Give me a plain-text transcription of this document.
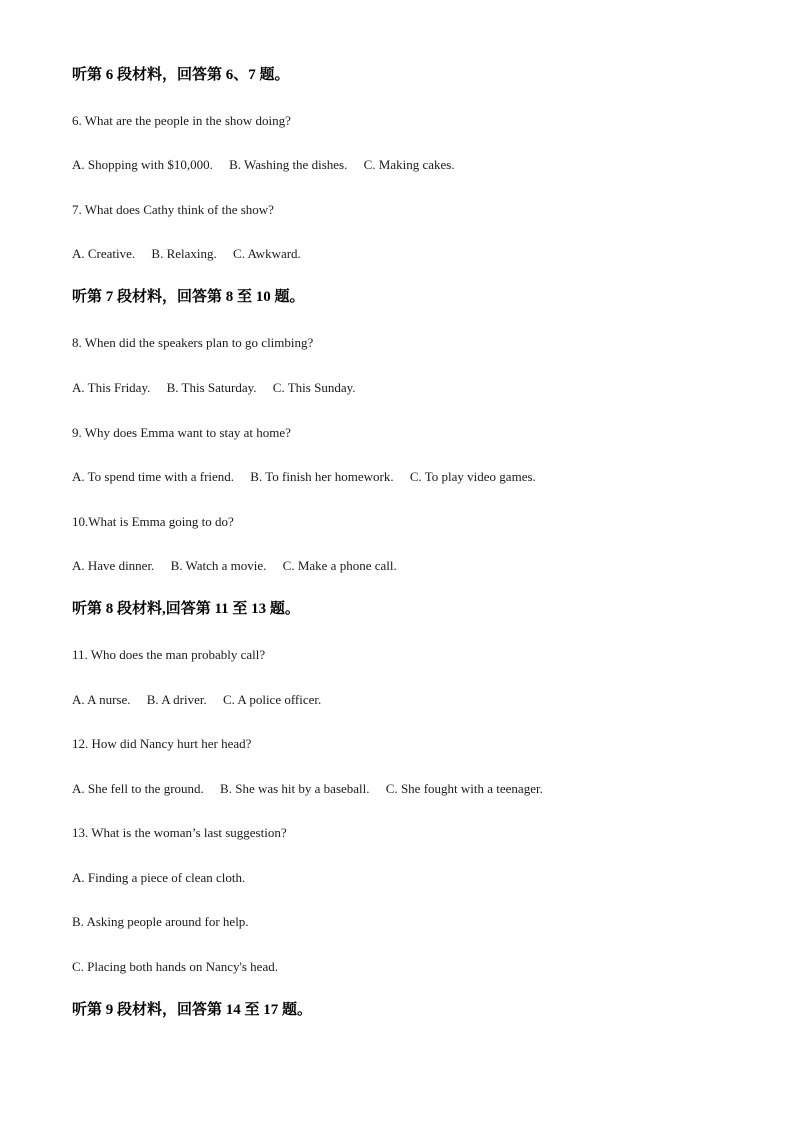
听第 6 段材料，回答第 6、7 题。
6. What are the people in the show doing?
A. Shopping with $10,000. B. Washing the dishes. C. Making cakes.
7. What does Cathy think of the show?
A. Creative. B. Relaxing. C. Awkward.
听第 7 段材料，回答第 8 至 10 题。
8. When did the speakers plan to go climbing?
A. This Friday. B. This Saturday. C. This Sunday.
9. Why does Emma want to stay at home?
A. To spend time with a friend. B. To finish her homework. C. To play video games.
10.What is Emma going to do?
A. Have dinner. B. Watch a movie. C. Make a phone call.
听第 8 段材料,回答第 11 至 13 题。
11. Who does the man probably call?
A. A nurse. B. A driver. C. A police officer.
12. How did Nancy hurt her head?
A. She fell to the ground. B. She was hit by a baseball. C. She fought with a teenager.
13. What is the woman’s last suggestion?
A. Finding a piece of clean cloth.
B. Asking people around for help.
C. Placing both hands on Nancy's head.
听第 9 段材料，回答第 14 至 17 题。
